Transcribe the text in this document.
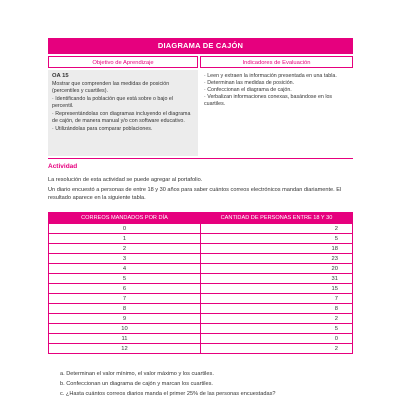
DIAGRAMA DE CAJÓN
Objetivo de Aprendizaje	Indicadores de Evaluación
OA 15

Mostrar que comprenden las medidas de posición (percentiles y cuartiles).

· Identificando la población que está sobre o bajo el percentil.

· Representándolas con diagramas incluyendo el diagrama de cajón, de manera manual y/o con software educativo.

· Utilizándolas para comparar poblaciones.

· Leen y extraen la información presentada en una tabla.

· Determinan las medidas de posición.

· Confeccionan el diagrama de cajón.

· Verbalizan informaciones conexas, basándose en los cuartiles.

Actividad
La resolución de esta actividad se puede agregar al portafolio.
Un diario encuestó a personas de entre 18 y 30 años para saber cuántos correos electrónicos mandan diariamente. El resultado aparece en la siguiente tabla.
CORREOS MANDADOS POR DÍA	CANTIDAD DE PERSONAS ENTRE 18 Y 30
0	2
1	5
2	18
3	23
4	20
5	31
6	15
7	7
8	8
9	2
10	5
11	0
12	2
a. Determinan el valor mínimo, el valor máximo y los cuartiles.
b. Confeccionan un diagrama de cajón y marcan los cuartiles.
c. ¿Hasta cuántos correos diarios manda el primer 25% de las personas encuestadas?
